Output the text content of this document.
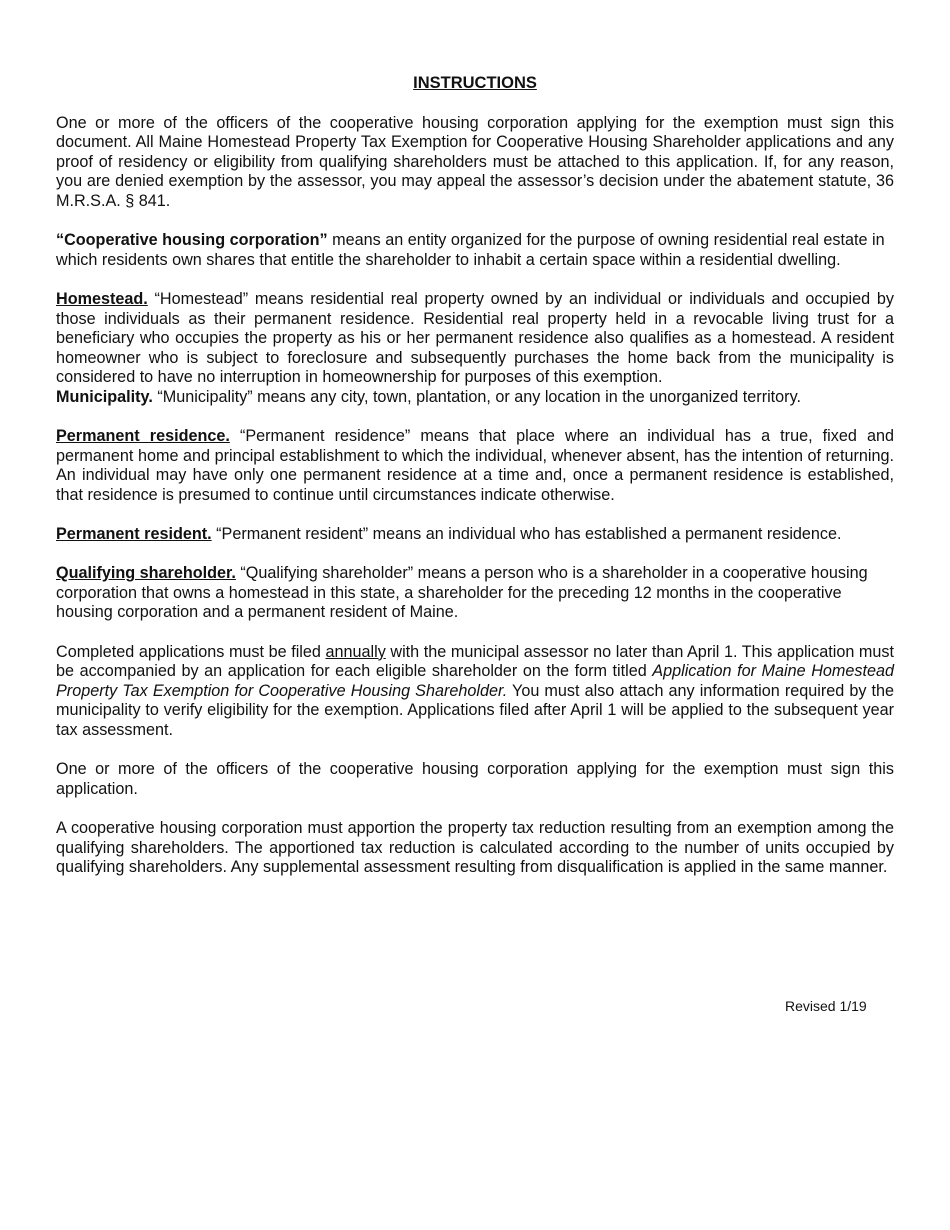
INSTRUCTIONS

One or more of the officers of the cooperative housing corporation applying for the exemption must sign this document. All Maine Homestead Property Tax Exemption for Cooperative Housing Shareholder applications and any proof of residency or eligibility from qualifying shareholders must be attached to this application. If, for any reason, you are denied exemption by the assessor, you may appeal the assessor’s decision under the abatement statute, 36 M.R.S.A. § 841.

“Cooperative housing corporation” means an entity organized for the purpose of owning residential real estate in which residents own shares that entitle the shareholder to inhabit a certain space within a residential dwelling.

Homestead. “Homestead” means residential real property owned by an individual or individuals and occupied by those individuals as their permanent residence. Residential real property held in a revocable living trust for a beneficiary who occupies the property as his or her permanent residence also qualifies as a homestead. A resident homeowner who is subject to foreclosure and subsequently purchases the home back from the municipality is considered to have no interruption in homeownership for purposes of this exemption.

Municipality. “Municipality” means any city, town, plantation, or any location in the unorganized territory.

Permanent residence. “Permanent residence” means that place where an individual has a true, fixed and permanent home and principal establishment to which the individual, whenever absent, has the intention of returning. An individual may have only one permanent residence at a time and, once a permanent residence is established, that residence is presumed to continue until circumstances indicate otherwise.

Permanent resident. “Permanent resident” means an individual who has established a permanent residence.

Qualifying shareholder. “Qualifying shareholder” means a person who is a shareholder in a cooperative housing corporation that owns a homestead in this state, a shareholder for the preceding 12 months in the cooperative housing corporation and a permanent resident of Maine.

Completed applications must be filed annually with the municipal assessor no later than April 1. This application must be accompanied by an application for each eligible shareholder on the form titled Application for Maine Homestead Property Tax Exemption for Cooperative Housing Shareholder. You must also attach any information required by the municipality to verify eligibility for the exemption. Applications filed after April 1 will be applied to the subsequent year tax assessment.

One or more of the officers of the cooperative housing corporation applying for the exemption must sign this application.

A cooperative housing corporation must apportion the property tax reduction resulting from an exemption among the qualifying shareholders. The apportioned tax reduction is calculated according to the number of units occupied by qualifying shareholders. Any supplemental assessment resulting from disqualification is applied in the same manner.

Revised 1/19
